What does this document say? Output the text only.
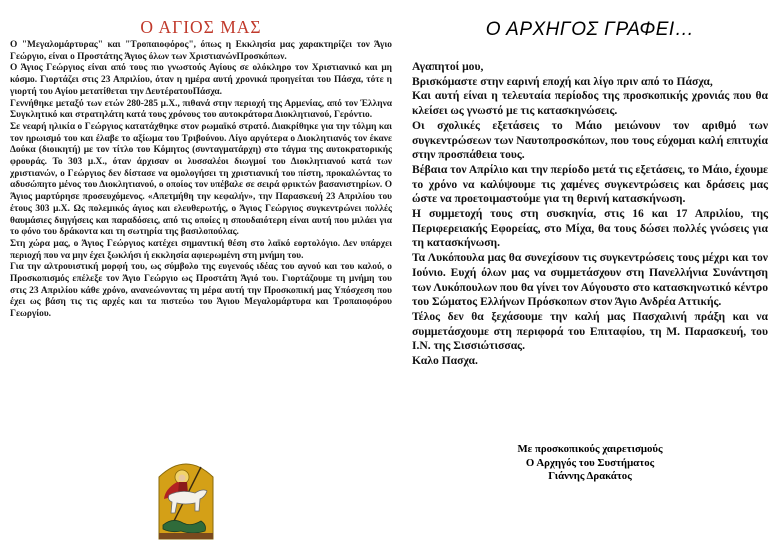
Ο ΑΓΙΟΣ ΜΑΣ

Ο "Μεγαλομάρτυρας" και "Τροπαιοφόρος", όπως η Εκκλησία μας χαρακτηρίζει τον Άγιο Γεώργιο, είναι ο Προστάτης Άγιος όλων των ΧριστιανώνΠροσκόπων.

Ο Άγιος Γεώργιος είναι από τους πιο γνωστούς Αγίους σε ολόκληρο τον Χριστιανικό και μη κόσμο. Γιορτάζει στις 23 Απριλίου, όταν η ημέρα αυτή χρονικά προηγείται του Πάσχα, τότε η γιορτή του Αγίου μετατίθεται την ΔευτέρατουΠάσχα.

Γεννήθηκε μεταξύ των ετών 280-285 μ.Χ., πιθανά στην περιοχή της Αρμενίας, από τον Έλληνα Συγκλητικό και στρατηλάτη κατά τους χρόνους του αυτοκράτορα Διοκλητιανού, Γερόντιο.

Σε νεαρή ηλικία ο Γεώργιος κατατάχθηκε στον ρωμαϊκό στρατό. Διακρίθηκε για την τόλμη και τον ηρωισμό του και έλαβε το αξίωμα του Τριβούνου. Λίγο αργότερα ο Διοκλητιανός τον έκανε Δούκα (διοικητή) με τον τίτλο του Κόμητος (συνταγματάρχη) στο τάγμα της αυτοκρατορικής φρουράς. Το 303 μ.Χ., όταν άρχισαν οι λυσσαλέοι διωγμοί του Διοκλητιανού κατά των χριστιανών, ο Γεώργιος δεν δίστασε να ομολογήσει τη χριστιανική του πίστη, προκαλώντας το αδυσώπητο μένος του Διοκλητιανού, ο οποίος τον υπέβαλε σε σειρά φρικτών βασανιστηρίων. Ο Άγιος μαρτύρησε προσευχόμενος. «Απετμήθη την κεφαλήν», την Παρασκευή 23 Απριλίου του έτους 303 μ.Χ. Ως πολεμικός άγιος και ελευθερωτής, ο Άγιος Γεώργιος συγκεντρώνει πολλές θαυμάσιες διηγήσεις και παραδόσεις, από τις οποίες η σπουδαιότερη είναι αυτή που μιλάει για το φόνο του δράκοντα και τη σωτηρία της βασιλοπούλας.

Στη χώρα μας, ο Άγιος Γεώργιος κατέχει σημαντική θέση στο λαϊκό εορτολόγιο. Δεν υπάρχει περιοχή που να μην έχει ξωκλήσι ή εκκλησία αφιερωμένη στη μνήμη του.

Για την αλτρουιστική μορφή του, ως σύμβολο της ευγενούς ιδέας του αγνού και του καλού, ο Προσκοπισμός επέλεξε τον Άγιο Γεώργιο ως Προστάτη Άγιό του. Γιορτάζουμε τη μνήμη του στις 23 Απριλίου κάθε χρόνο, ανανεώνοντας τη μέρα αυτή την Προσκοπική μας Υπόσχεση που έχει ως βάση τις τις αρχές και τα πιστεύω του Άγιου Μεγαλομάρτυρα και Τροπαιοφόρου Γεωργίου.

Ο ΑΡΧΗΓΟΣ ΓΡΑΦΕΙ…

Αγαπητοί μου,

Βρισκόμαστε στην εαρινή εποχή και λίγο πριν από το Πάσχα,

Και αυτή είναι η τελευταία περίοδος της προσκοπικής χρονιάς που θα κλείσει ως γνωστό με τις κατασκηνώσεις.

Οι σχολικές εξετάσεις το Μάιο μειώνουν τον αριθμό των συγκεντρώσεων των Ναυτοπροσκόπων, που τους εύχομαι καλή επιτυχία στην προσπάθεια τους.

Βέβαια τον Απρίλιο και την περίοδο μετά τις εξετάσεις, το Μάιο, έχουμε το χρόνο να καλύψουμε τις χαμένες συγκεντρώσεις και δράσεις μας ώστε να προετοιμαστούμε για τη θερινή κατασκήνωση.

Η συμμετοχή τους στη συσκηνία, στις 16 και 17 Απριλίου, της Περιφερειακής Εφορείας, στο Μίχα, θα τους δώσει πολλές γνώσεις για τη κατασκήνωση.

Τα Λυκόπουλα μας θα συνεχίσουν τις συγκεντρώσεις τους μέχρι και τον Ιούνιο. Ευχή όλων μας να συμμετάσχουν στη Πανελλήνια Συνάντηση των Λυκόπουλων που θα γίνει τον Αύγουστο στο κατασκηνωτικό κέντρο του Σώματος Ελλήνων Πρόσκοπων στον Άγιο Ανδρέα Αττικής.

Τέλος δεν θα ξεχάσουμε την καλή μας Πασχαλινή πράξη και να συμμετάσχουμε στη περιφορά του Επιταφίου, τη Μ. Παρασκευή, του Ι.Ν. της Σισσιώτισσας.

Καλο Πασχα.

Με προσκοπικούς χαιρετισμούς
Ο Αρχηγός του Συστήματος
Γιάννης Δρακάτος
